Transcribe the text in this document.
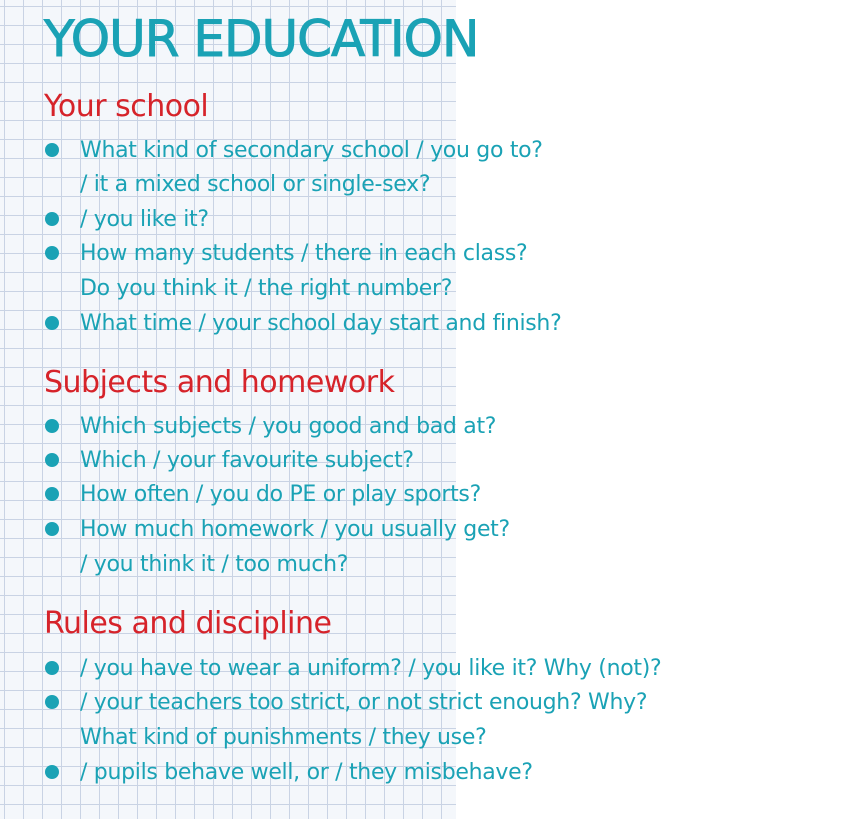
YOUR EDUCATION
Your school
What kind of secondary school / you go to?
/ it a mixed school or single-sex?
/ you like it?
How many students / there in each class?
Do you think it / the right number?
What time / your school day start and finish?
Subjects and homework
Which subjects / you good and bad at?
Which / your favourite subject?
How often / you do PE or play sports?
How much homework / you usually get?
/ you think it / too much?
Rules and discipline
/ you have to wear a uniform? / you like it? Why (not)?
/ your teachers too strict, or not strict enough? Why?
What kind of punishments / they use?
/ pupils behave well, or / they misbehave?
